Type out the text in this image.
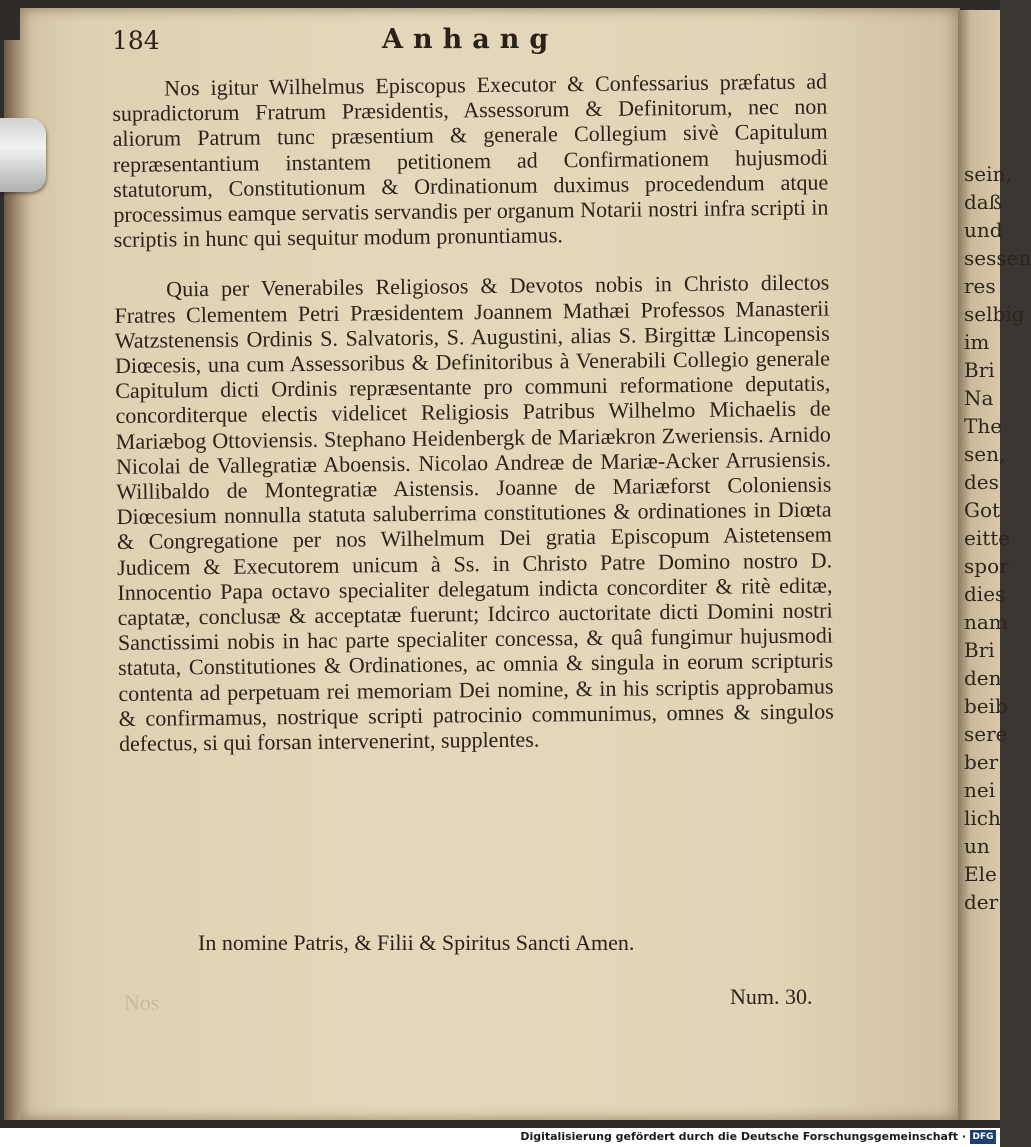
sein,
daß
und
sessen
res
selbig
im
Bri
Na
The
sen,
des
Got
eitte
spor
dies
nam
Bri
den
beib
sere
ber
nei
lich
un
Ele
der
184	Anhang

Nos igitur Wilhelmus Episcopus Executor & Confessarius præfatus ad supradictorum Fratrum Præsidentis, Assessorum & Definitorum, nec non aliorum Patrum tunc præsentium & generale Collegium sivè Capitulum repræsentantium instantem petitionem ad Confirmationem hujusmodi statutorum, Constitutionum & Ordinationum duximus procedendum atque processimus eamque servatis servandis per organum Notarii nostri infra scripti in scriptis in hunc qui sequitur modum pronuntiamus.

Quia per Venerabiles Religiosos & Devotos nobis in Christo dilectos Fratres Clementem Petri Præsidentem Joannem Mathæi Professos Manasterii Watzstenensis Ordinis S. Salvatoris, S. Augustini, alias S. Birgittæ Lincopensis Diœcesis, una cum Assessoribus & Definitoribus à Venerabili Collegio generale Capitulum dicti Ordinis repræsentante pro communi reformatione deputatis, concorditerque electis videlicet Religiosis Patribus Wilhelmo Michaelis de Mariæbog Ottoviensis. Stephano Heidenbergk de Mariækron Zweriensis. Arnido Nicolai de Vallegratiæ Aboensis. Nicolao Andreæ de Mariæ-Acker Arrusiensis. Willibaldo de Montegratiæ Aistensis. Joanne de Mariæforst Coloniensis Diœcesium nonnulla statuta saluberrima constitutiones & ordinationes in Diœta & Congregatione per nos Wilhelmum Dei gratia Episcopum Aistetensem Judicem & Executorem unicum à Ss. in Christo Patre Domino nostro D. Innocentio Papa octavo specialiter delegatum indicta concorditer & ritè editæ, captatæ, conclusæ & acceptatæ fuerunt; Idcirco auctoritate dicti Domini nostri Sanctissimi nobis in hac parte specialiter concessa, & quâ fungimur hujusmodi statuta, Constitutiones & Ordinationes, ac omnia & singula in eorum scripturis contenta ad perpetuam rei memoriam Dei nomine, & in his scriptis approbamus & confirmamus, nostrique scripti patrocinio communimus, omnes & singulos defectus, si qui forsan intervenerint, supplentes.

In nomine Patris, & Filii & Spiritus Sancti Amen.
Nos	Num. 30.
Digitalisierung gefördert durch die Deutsche Forschungsgemeinschaft · DFG
